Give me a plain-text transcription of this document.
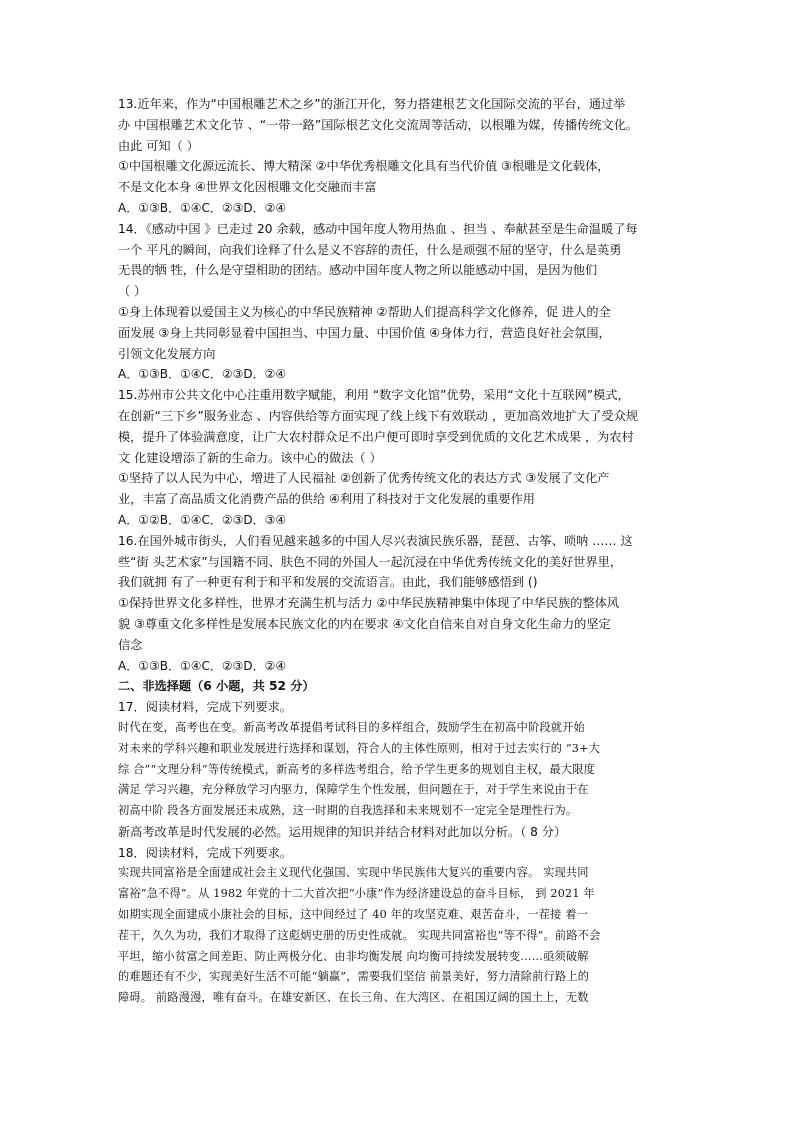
13.近年来，作为“中国根雕艺术之乡”的浙江开化，努力搭建根艺文化国际交流的平台，通过举
办 中国根雕艺术文化节 、“一带一路”国际根艺文化交流周等活动，以根雕为媒，传播传统文化。
由此 可知（ ）
①中国根雕文化源远流长、博大精深 ②中华优秀根雕文化具有当代价值 ③根雕是文化载体，
不是文化本身 ④世界文化因根雕文化交融而丰富
A．①③B．①④C．②③D．②④
14．《感动中国 》已走过 20 余载，感动中国年度人物用热血 、担当 、奉献甚至是生命温暖了每
一个 平凡的瞬间，向我们诠释了什么是义不容辞的责任，什么是顽强不屈的坚守，什么是英勇
无畏的牺 牲，什么是守望相助的团结。感动中国年度人物之所以能感动中国，是因为他们
（ ）
①身上体现着以爱国主义为核心的中华民族精神 ②帮助人们提高科学文化修养，促 进人的全
面发展 ③身上共同彰显着中国担当、中国力量、中国价值 ④身体力行，营造良好社会氛围，
引领文化发展方向
A．①③B．①④C．②③D．②④
15.苏州市公共文化中心注重用数字赋能，利用 “数字文化馆”优势，采用“文化十互联网”模式，
在创新“三下乡”服务业态 、内容供给等方面实现了线上线下有效联动 ，更加高效地扩大了受众规
模，提升了体验满意度，让广大农村群众足不出户便可即时享受到优质的文化艺术成果 ，为农村
文 化建设增添了新的生命力。该中心的做法（ ）
①坚持了以人民为中心，增进了人民福祉 ②创新了优秀传统文化的表达方式 ③发展了文化产
业，丰富了高品质文化消费产品的供给 ④利用了科技对于文化发展的重要作用
A．①②B．①④C．②③D．③④
16.在国外城市街头，人们看见越来越多的中国人尽兴表演民族乐器，琵琶、古筝、唢呐 …… 这
些“街 头艺术家”与国籍不同、肤色不同的外国人一起沉浸在中华优秀传统文化的美好世界里，
我们就拥 有了一种更有利于和平和发展的交流语言。由此，我们能够感悟到 ()
①保持世界文化多样性，世界才充满生机与活力 ②中华民族精神集中体现了中华民族的整体风
貌 ③尊重文化多样性是发展本民族文化的内在要求 ④文化自信来自对自身文化生命力的坚定
信念
A．①③B．①④C．②③D．②④
二、非选择题（6 小题，共 52 分）
17．阅读材料，完成下列要求。
时代在变，高考也在变。新高考改革提倡考试科目的多样组合，鼓励学生在初高中阶段就开始
对未来的学科兴趣和职业发展进行选择和谋划，符合人的主体性原则，相对于过去实行的 “3+大
综 合”“文理分科”等传统模式，新高考的多样选考组合，给予学生更多的规划自主权，最大限度
满足 学习兴趣，充分释放学习内驱力，保障学生个性发展，但问题在于，对于学生来说由于在
初高中阶 段各方面发展还未成熟，这一时期的自我选择和未来规划不一定完全是理性行为。
新高考改革是时代发展的必然。运用规律的知识并结合材料对此加以分析。（ 8 分）
18．阅读材料，完成下列要求。
实现共同富裕是全面建成社会主义现代化强国、实现中华民族伟大复兴的重要内容。 实现共同
富裕“急不得”。从 1982 年党的十二大首次把“小康”作为经济建设总的奋斗目标， 到 2021 年
如期实现全面建成小康社会的目标，这中间经过了 40 年的攻坚克难、艰苦奋斗，一茬接 着一
茬干，久久为功，我们才取得了这彪炳史册的历史性成就。 实现共同富裕也“等不得”。前路不会
平坦，缩小贫富之间差距、防止两极分化、由非均衡发展 向均衡可持续发展转变……亟须破解
的难题还有不少，实现美好生活不可能“躺赢”，需要我们坚信 前景美好，努力清除前行路上的
障碍。 前路漫漫，唯有奋斗。在雄安新区、在长三角、在大湾区、在祖国辽阔的国土上，无数
